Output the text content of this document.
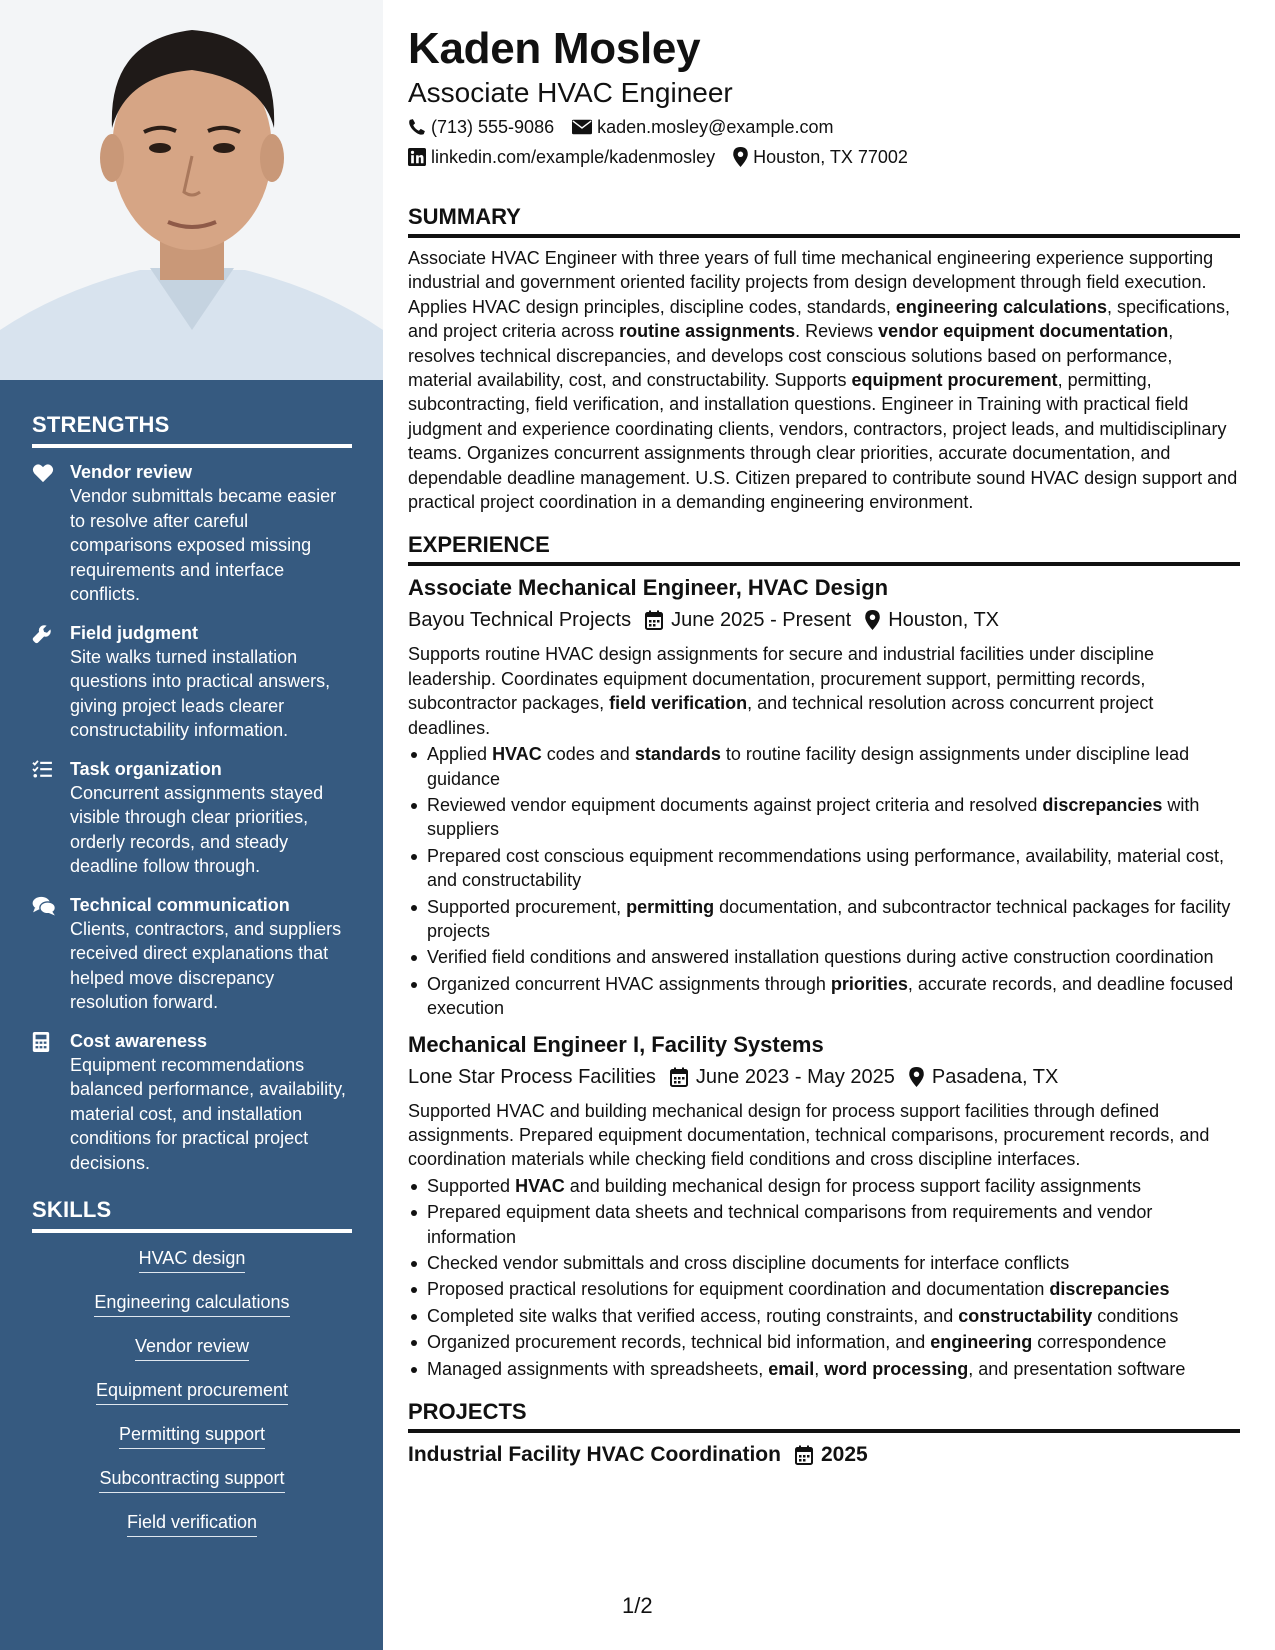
STRENGTHS
Vendor review
Vendor submittals became easier to resolve after careful comparisons exposed missing requirements and interface conflicts.
Field judgment
Site walks turned installation questions into practical answers, giving project leads clearer constructability information.
Task organization
Concurrent assignments stayed visible through clear priorities, orderly records, and steady deadline follow through.
Technical communication
Clients, contractors, and suppliers received direct explanations that helped move discrepancy resolution forward.
Cost awareness
Equipment recommendations balanced performance, availability, material cost, and installation conditions for practical project decisions.
SKILLS
HVAC design
Engineering calculations
Vendor review
Equipment procurement
Permitting support
Subcontracting support
Field verification
Kaden Mosley
Associate HVAC Engineer
(713) 555-9086 kaden.mosley@example.com
linkedin.com/example/kadenmosley Houston, TX 77002
SUMMARY

Associate HVAC Engineer with three years of full time mechanical engineering experience supporting industrial and government oriented facility projects from design development through field execution. Applies HVAC design principles, discipline codes, standards, engineering calculations, specifications, and project criteria across routine assignments. Reviews vendor equipment documentation, resolves technical discrepancies, and develops cost conscious solutions based on performance, material availability, cost, and constructability. Supports equipment procurement, permitting, subcontracting, field verification, and installation questions. Engineer in Training with practical field judgment and experience coordinating clients, vendors, contractors, project leads, and multidisciplinary teams. Organizes concurrent assignments through clear priorities, accurate documentation, and dependable deadline management. U.S. Citizen prepared to contribute sound HVAC design support and practical project coordination in a demanding engineering environment.

EXPERIENCE
Associate Mechanical Engineer, HVAC Design
Bayou Technical Projects June 2025 - Present Houston, TX

Supports routine HVAC design assignments for secure and industrial facilities under discipline leadership. Coordinates equipment documentation, procurement support, permitting records, subcontractor packages, field verification, and technical resolution across concurrent project deadlines.

Applied HVAC codes and standards to routine facility design assignments under discipline lead guidance
Reviewed vendor equipment documents against project criteria and resolved discrepancies with suppliers
Prepared cost conscious equipment recommendations using performance, availability, material cost, and constructability
Supported procurement, permitting documentation, and subcontractor technical packages for facility projects
Verified field conditions and answered installation questions during active construction coordination
Organized concurrent HVAC assignments through priorities, accurate records, and deadline focused execution
Mechanical Engineer I, Facility Systems
Lone Star Process Facilities June 2023 - May 2025 Pasadena, TX

Supported HVAC and building mechanical design for process support facilities through defined assignments. Prepared equipment documentation, technical comparisons, procurement records, and coordination materials while checking field conditions and cross discipline interfaces.

Supported HVAC and building mechanical design for process support facility assignments
Prepared equipment data sheets and technical comparisons from requirements and vendor information
Checked vendor submittals and cross discipline documents for interface conflicts
Proposed practical resolutions for equipment coordination and documentation discrepancies
Completed site walks that verified access, routing constraints, and constructability conditions
Organized procurement records, technical bid information, and engineering correspondence
Managed assignments with spreadsheets, email, word processing, and presentation software
PROJECTS
Industrial Facility HVAC Coordination 2025
1/2
